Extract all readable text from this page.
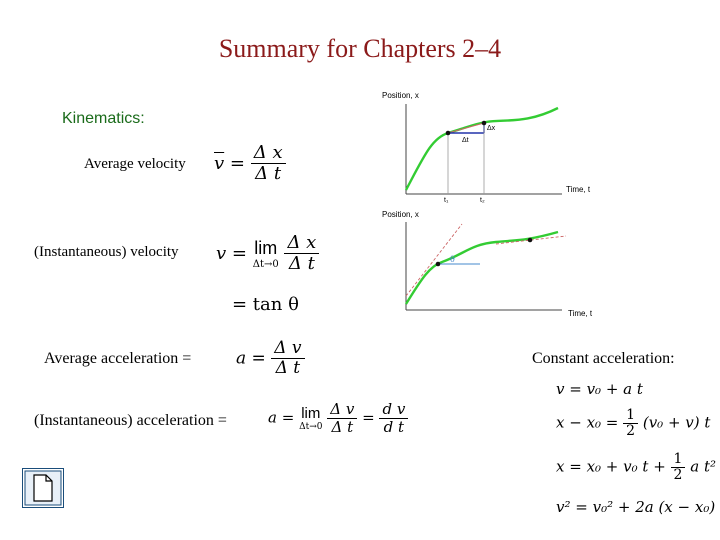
Summary for Chapters 2–4
Kinematics:
Average velocity $\overline{v} = \frac{\text{Δ x}}{\text{Δ t}}$
(Instantaneous) velocity v = lim
Δt→0
$\frac{\text{Δ x}}{\text{Δ t}}$
= tan θ
Average acceleration =	$a = \frac{\text{Δ v}}{\text{Δ t}}$
(Instantaneous) acceleration =	a = lim
Δt→0
$\frac{\text{Δ v}}{\text{Δ t}} = \frac{\text{d v}}{\text{d t}}$
Constant acceleration:
v = v₀ + a t
$x - x_0 = \frac{1}{2} (v_0 + v)$ t
x = x₀ + v₀ $t + \frac{1}{2}$ a t²
v² = v₀² + 2a (x − x₀)
Position, x
Time, t
Δx
Δt
t₁	t₂
Position, x
Time, t
θ
